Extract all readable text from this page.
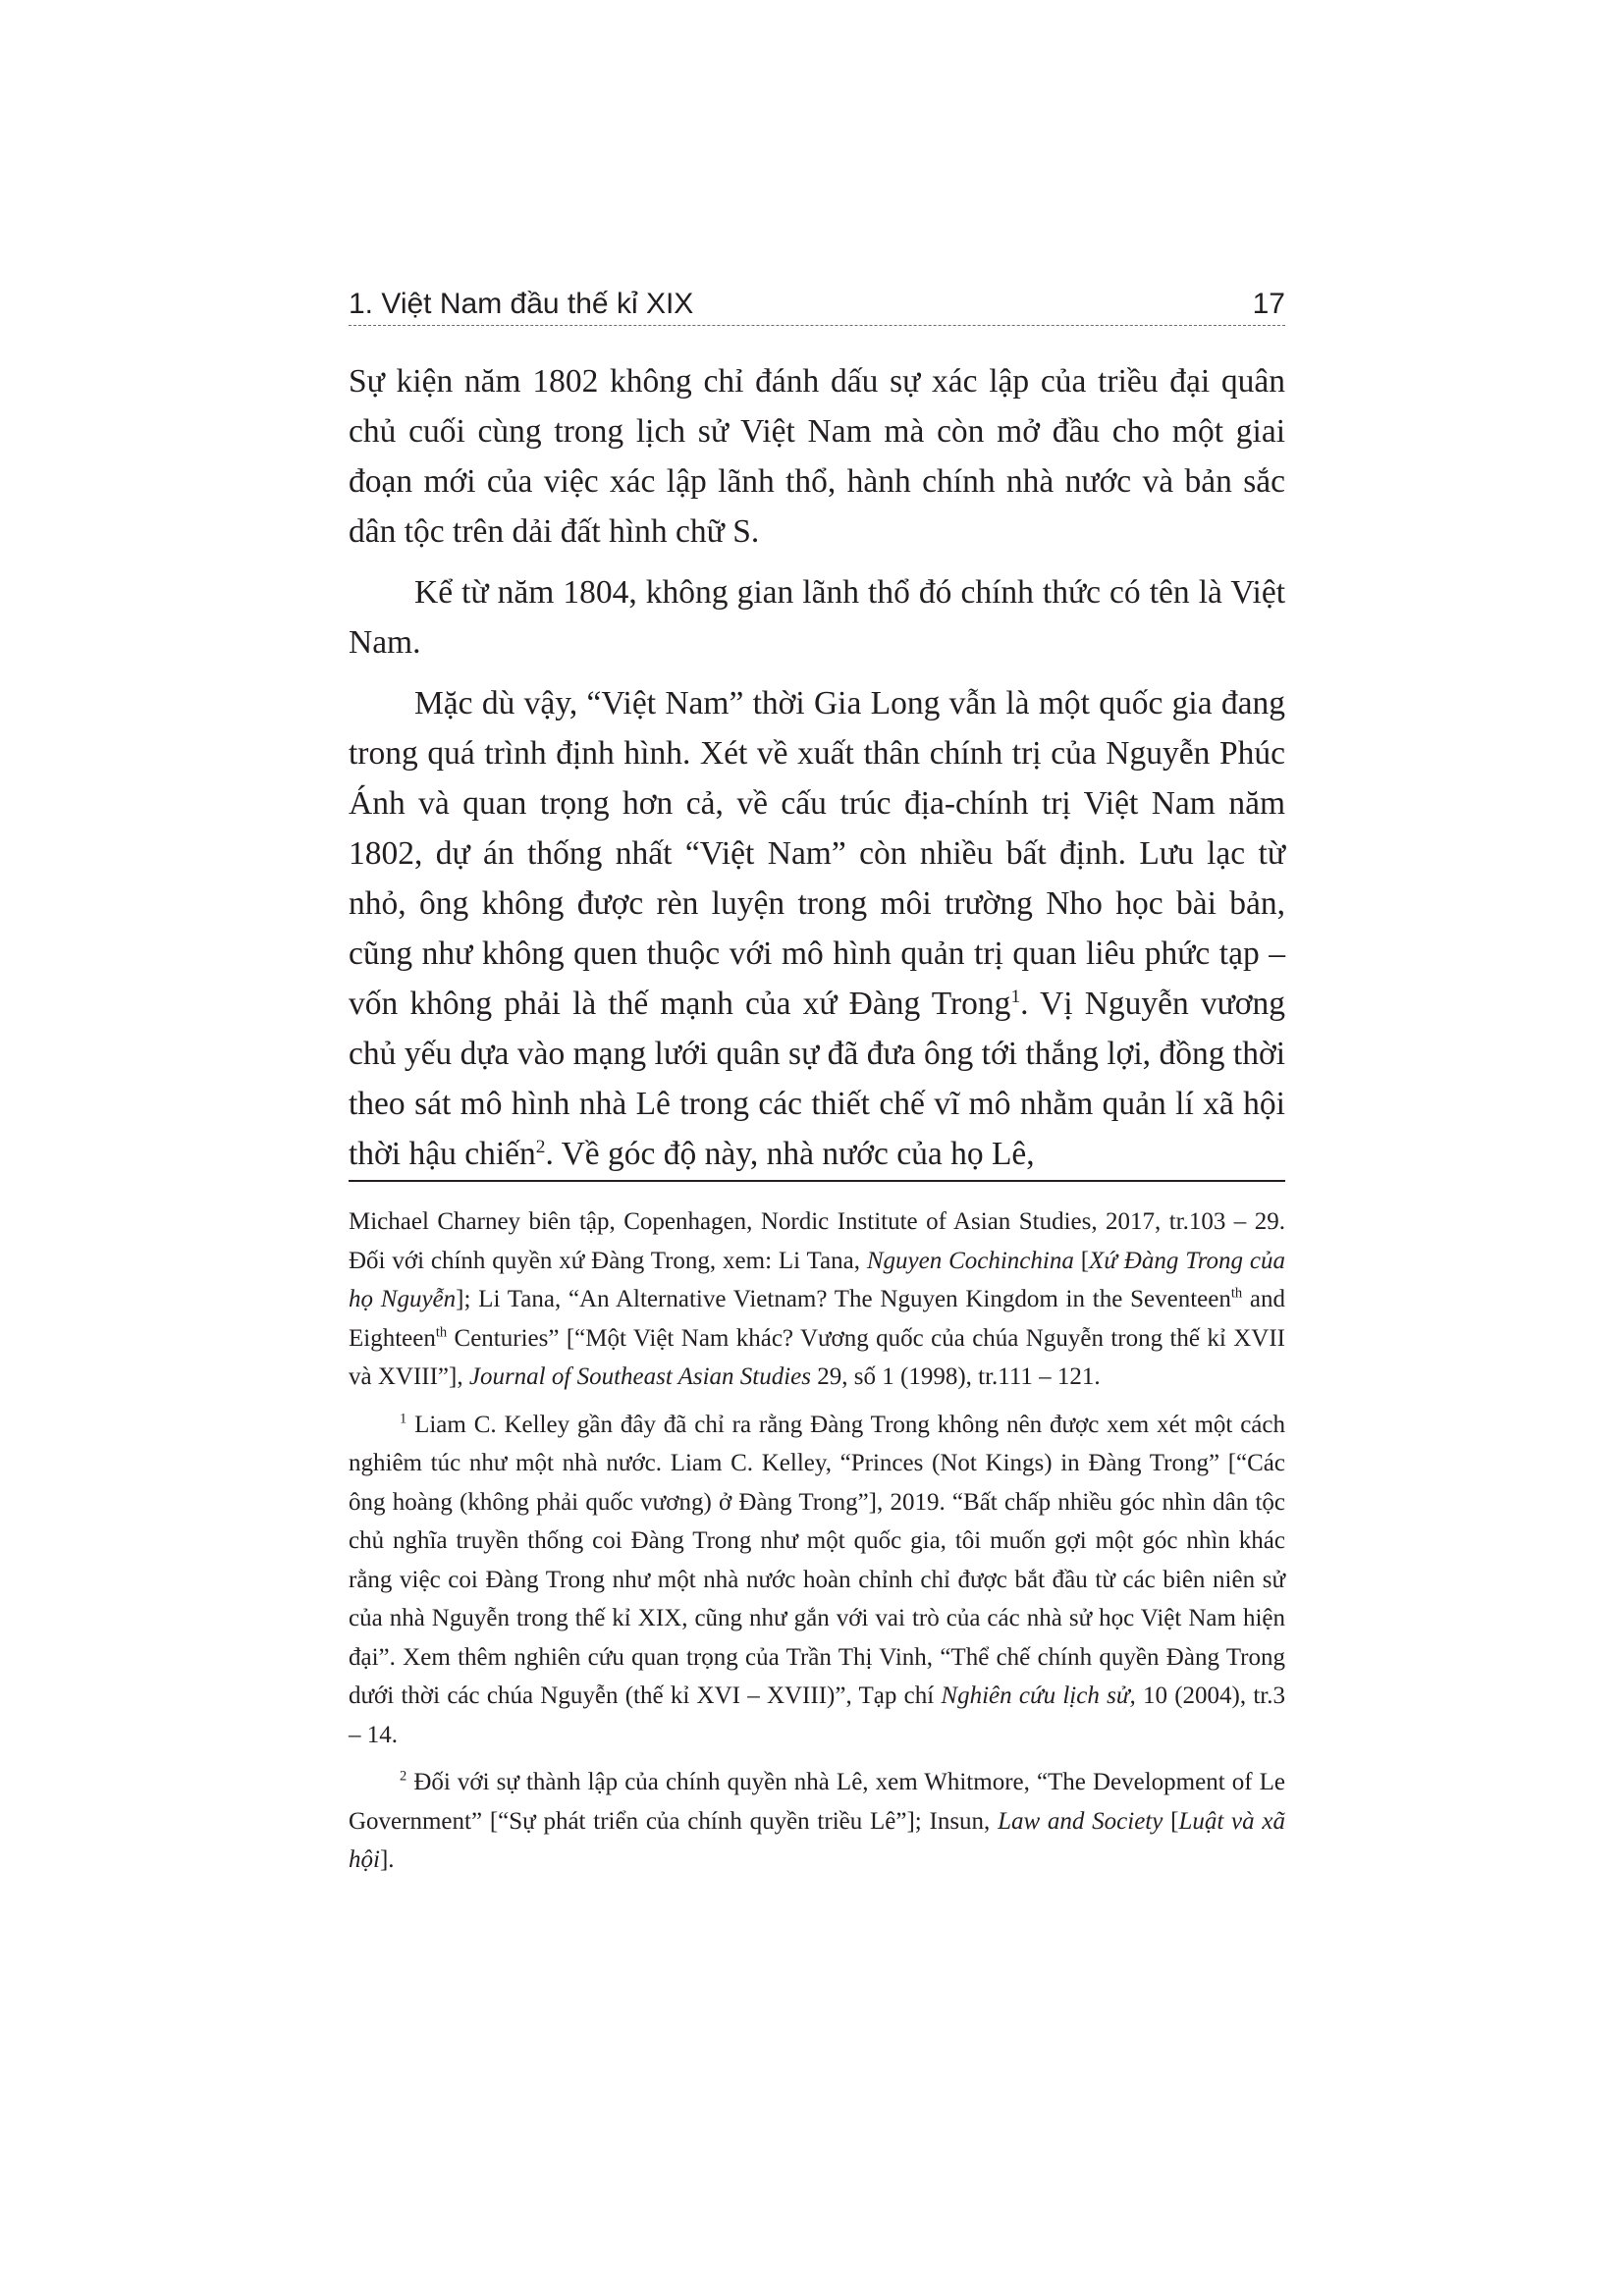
1. Việt Nam đầu thế kỉ XIX	17

Sự kiện năm 1802 không chỉ đánh dấu sự xác lập của triều đại quân chủ cuối cùng trong lịch sử Việt Nam mà còn mở đầu cho một giai đoạn mới của việc xác lập lãnh thổ, hành chính nhà nước và bản sắc dân tộc trên dải đất hình chữ S.

Kể từ năm 1804, không gian lãnh thổ đó chính thức có tên là Việt Nam.

Mặc dù vậy, “Việt Nam” thời Gia Long vẫn là một quốc gia đang trong quá trình định hình. Xét về xuất thân chính trị của Nguyễn Phúc Ánh và quan trọng hơn cả, về cấu trúc địa-chính trị Việt Nam năm 1802, dự án thống nhất “Việt Nam” còn nhiều bất định. Lưu lạc từ nhỏ, ông không được rèn luyện trong môi trường Nho học bài bản, cũng như không quen thuộc với mô hình quản trị quan liêu phức tạp – vốn không phải là thế mạnh của xứ Đàng Trong$^1$. Vị Nguyễn vương chủ yếu dựa vào mạng lưới quân sự đã đưa ông tới thắng lợi, đồng thời theo sát mô hình nhà Lê trong các thiết chế vĩ mô nhằm quản lí xã hội thời hậu chiến$^2$. Về góc độ này, nhà nước của họ Lê,

Michael Charney biên tập, Copenhagen, Nordic Institute of Asian Studies, 2017, tr.103 – 29. Đối với chính quyền xứ Đàng Trong, xem: Li Tana, Nguyen Cochinchina [Xứ Đàng Trong của họ Nguyễn]; Li Tana, “An Alternative Vietnam? The Nguyen Kingdom in the Seventeen$^{th}$ and Eighteen$^{th}$ Centuries” [“Một Việt Nam khác? Vương quốc của chúa Nguyễn trong thế kỉ XVII và XVIII”], Journal of Southeast Asian Studies 29, số 1 (1998), tr.111 – 121.

$^1$ Liam C. Kelley gần đây đã chỉ ra rằng Đàng Trong không nên được xem xét một cách nghiêm túc như một nhà nước. Liam C. Kelley, “Princes (Not Kings) in Đàng Trong” [“Các ông hoàng (không phải quốc vương) ở Đàng Trong”], 2019. “Bất chấp nhiều góc nhìn dân tộc chủ nghĩa truyền thống coi Đàng Trong như một quốc gia, tôi muốn gợi một góc nhìn khác rằng việc coi Đàng Trong như một nhà nước hoàn chỉnh chỉ được bắt đầu từ các biên niên sử của nhà Nguyễn trong thế kỉ XIX, cũng như gắn với vai trò của các nhà sử học Việt Nam hiện đại”. Xem thêm nghiên cứu quan trọng của Trần Thị Vinh, “Thể chế chính quyền Đàng Trong dưới thời các chúa Nguyễn (thế kỉ XVI – XVIII)”, Tạp chí Nghiên cứu lịch sử, 10 (2004), tr.3 – 14.

$^2$ Đối với sự thành lập của chính quyền nhà Lê, xem Whitmore, “The Development of Le Government” [“Sự phát triển của chính quyền triều Lê”]; Insun, Law and Society [Luật và xã hội].
